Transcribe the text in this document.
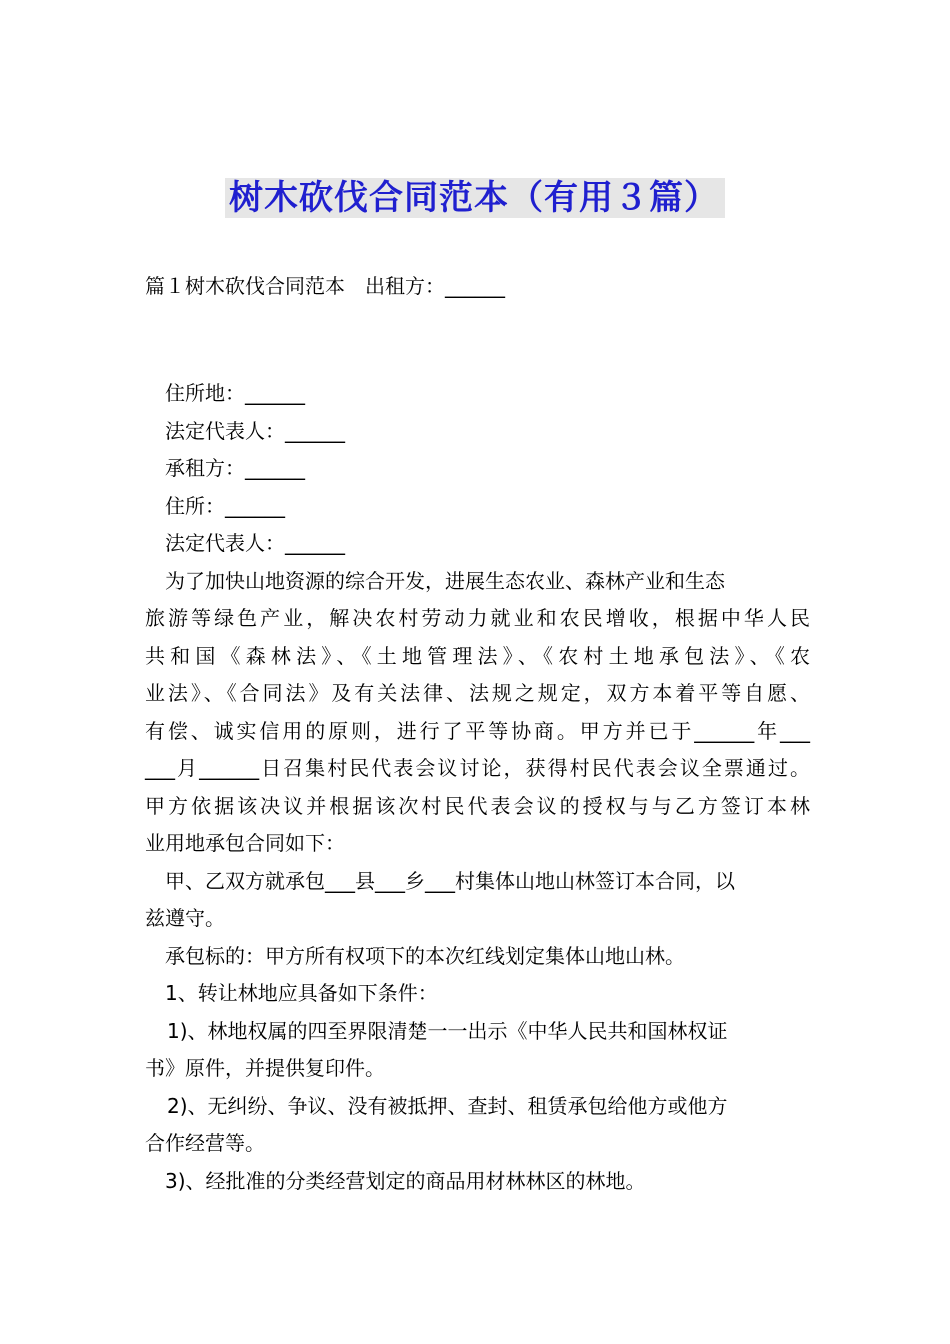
树木砍伐合同范本（有用３篇）
篇１树木砍伐合同范本　出租方：______
住所地：______
法定代表人：______
承租方：______
住所：______
法定代表人：______
为了加快山地资源的综合开发，进展生态农业、森林产业和生态
旅游等绿色产业，解决农村劳动力就业和农民增收，根据中华人民
共和国《森林法》、《土地管理法》、《农村土地承包法》、《农
业法》、《合同法》及有关法律、法规之规定，双方本着平等自愿、
有偿、诚实信用的原则，进行了平等协商。甲方并已于______年___
___月______日召集村民代表会议讨论，获得村民代表会议全票通过。
甲方依据该决议并根据该次村民代表会议的授权与与乙方签订本林
业用地承包合同如下：
甲、乙双方就承包___县___乡___村集体山地山林签订本合同，以
兹遵守。
承包标的：甲方所有权项下的本次红线划定集体山地山林。
1、转让林地应具备如下条件：
1)、林地权属的四至界限清楚一一出示《中华人民共和国林权证
书》原件，并提供复印件。
2)、无纠纷、争议、没有被抵押、查封、租赁承包给他方或他方
合作经营等。
3)、经批准的分类经营划定的商品用材林林区的林地。
